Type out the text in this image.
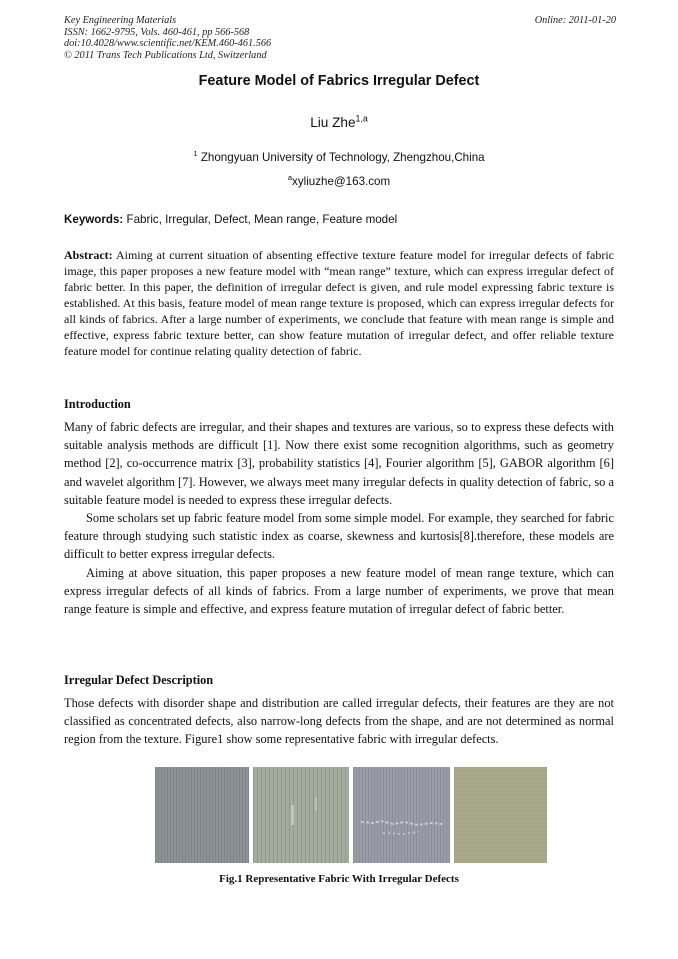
Key Engineering Materials
ISSN: 1662-9795, Vols. 460-461, pp 566-568
doi:10.4028/www.scientific.net/KEM.460-461.566
© 2011 Trans Tech Publications Ltd, Switzerland
Online: 2011-01-20
Feature Model of Fabrics Irregular Defect
Liu Zhe$^{1,a}$
$^1$ Zhongyuan University of Technology, Zhengzhou,China
$^a$xyliuzhe@163.com
Keywords: Fabric, Irregular, Defect, Mean range, Feature model
Abstract: Aiming at current situation of absenting effective texture feature model for irregular defects of fabric image, this paper proposes a new feature model with “mean range” texture, which can express irregular defect of fabric better. In this paper, the definition of irregular defect is given, and rule model expressing fabric texture is established. At this basis, feature model of mean range texture is proposed, which can express irregular defects for all kinds of fabrics. After a large number of experiments, we conclude that feature with mean range is simple and effective, express fabric texture better, can show feature mutation of irregular defect, and offer reliable texture feature model for continue relating quality detection of fabric.
Introduction

Many of fabric defects are irregular, and their shapes and textures are various, so to express these defects with suitable analysis methods are difficult [1]. Now there exist some recognition algorithms, such as geometry method [2], co-occurrence matrix [3], probability statistics [4], Fourier algorithm [5], GABOR algorithm [6] and wavelet algorithm [7]. However, we always meet many irregular defects in quality detection of fabric, so a suitable feature model is needed to express these irregular defects.

Some scholars set up fabric feature model from some simple model. For example, they searched for fabric feature through studying such statistic index as coarse, skewness and kurtosis[8].therefore, these models are difficult to better express irregular defects.

Aiming at above situation, this paper proposes a new feature model of mean range texture, which can express irregular defects of all kinds of fabrics. From a large number of experiments, we prove that mean range feature is simple and effective, and express feature mutation of irregular defect of fabric better.

Irregular Defect Description

Those defects with disorder shape and distribution are called irregular defects, their features are they are not classified as concentrated defects, also narrow-long defects from the shape, and are not determined as normal region from the texture. Figure1 show some representative fabric with irregular defects.

Fig.1 Representative Fabric With Irregular Defects
